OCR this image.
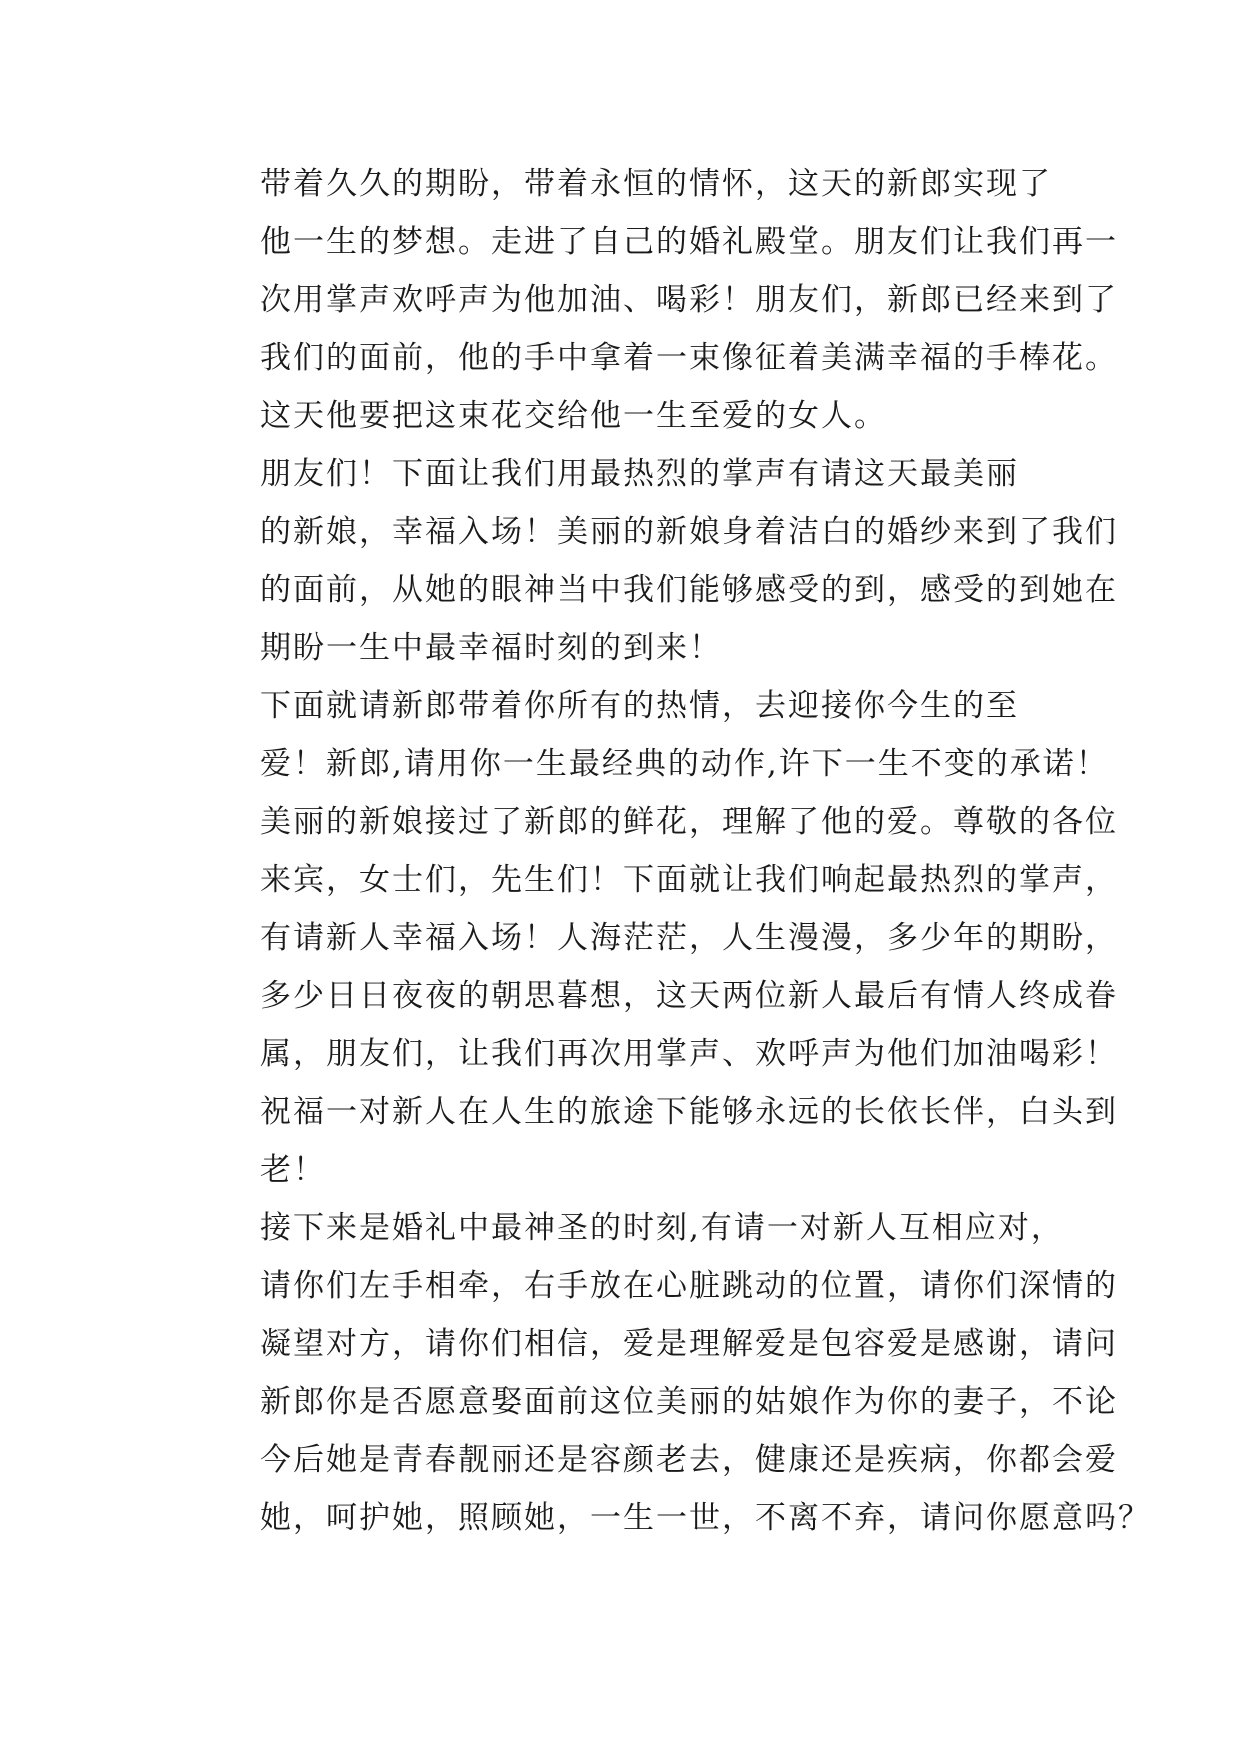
带着久久的期盼，带着永恒的情怀，这天的新郎实现了
他一生的梦想。走进了自己的婚礼殿堂。朋友们让我们再一
次用掌声欢呼声为他加油、喝彩！朋友们，新郎已经来到了
我们的面前，他的手中拿着一束像征着美满幸福的手棒花。
这天他要把这束花交给他一生至爱的女人。

朋友们！下面让我们用最热烈的掌声有请这天最美丽
的新娘，幸福入场！美丽的新娘身着洁白的婚纱来到了我们
的面前，从她的眼神当中我们能够感受的到，感受的到她在
期盼一生中最幸福时刻的到来！

下面就请新郎带着你所有的热情，去迎接你今生的至
爱！新郎,请用你一生最经典的动作,许下一生不变的承诺！
美丽的新娘接过了新郎的鲜花，理解了他的爱。尊敬的各位
来宾，女士们，先生们！下面就让我们响起最热烈的掌声，
有请新人幸福入场！人海茫茫，人生漫漫，多少年的期盼，
多少日日夜夜的朝思暮想，这天两位新人最后有情人终成眷
属，朋友们，让我们再次用掌声、欢呼声为他们加油喝彩！
祝福一对新人在人生的旅途下能够永远的长依长伴，白头到
老！

接下来是婚礼中最神圣的时刻,有请一对新人互相应对，
请你们左手相牵，右手放在心脏跳动的位置，请你们深情的
凝望对方，请你们相信，爱是理解爱是包容爱是感谢，请问
新郎你是否愿意娶面前这位美丽的姑娘作为你的妻子，不论
今后她是青春靓丽还是容颜老去，健康还是疾病，你都会爱
她，呵护她，照顾她，一生一世，不离不弃，请问你愿意吗？
